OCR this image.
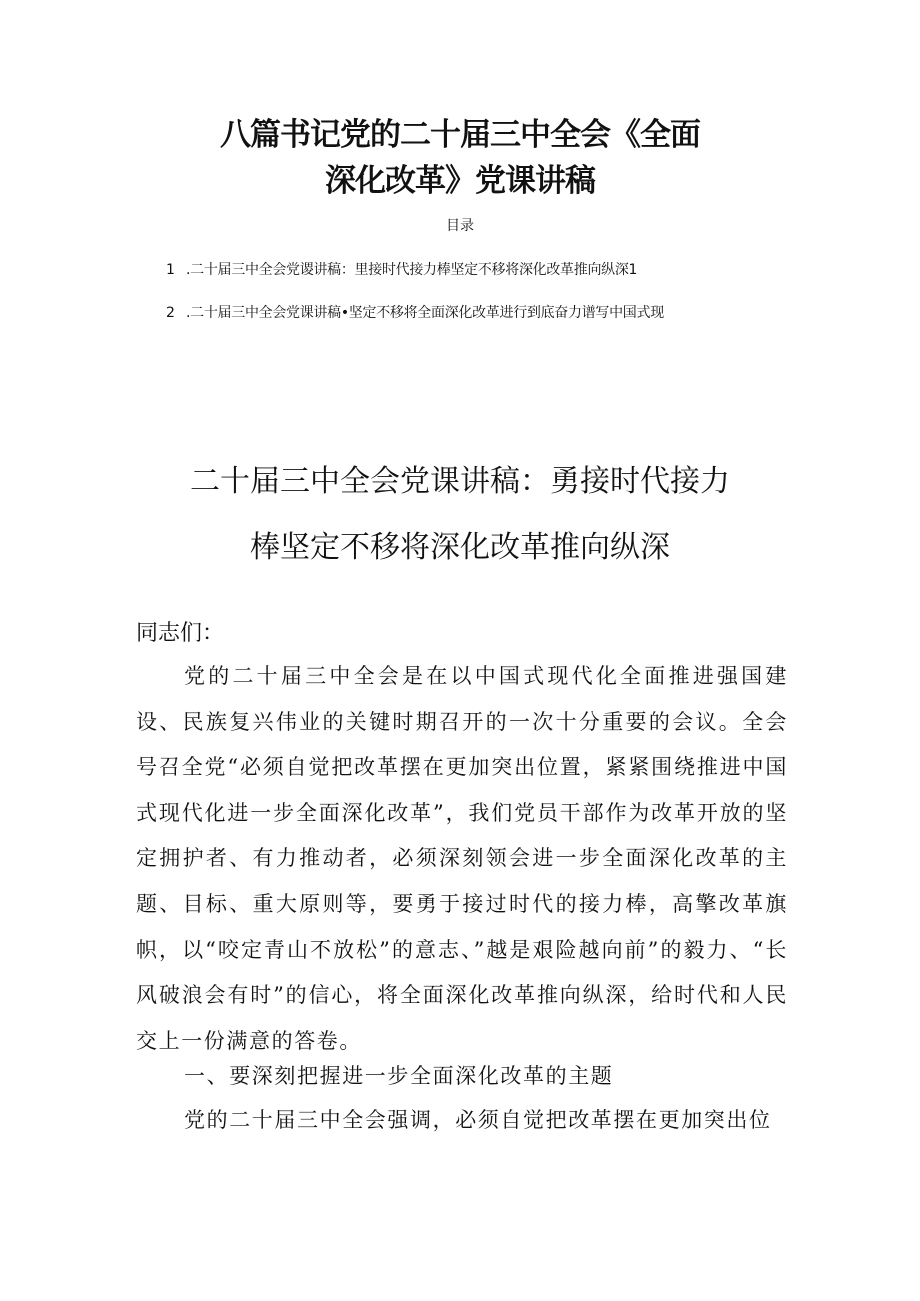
八篇书记党的二十届三中全会《全面
深化改革》党课讲稿
目录
1 .二十届三中全会党谡讲稿：里接时代接力棒坚定不移将深化改革推向纵深1
2 .二十届三中全会党课讲稿•坚定不移将全面深化改革进行到底奋力谱写中国式现
二十届三中全会党课讲稿：勇接时代接力
棒坚定不移将深化改革推向纵深
同志们：

党的二十届三中全会是在以中国式现代化全面推进强国建设、民族复兴伟业的关键时期召开的一次十分重要的会议。全会号召全党“必须自觉把改革摆在更加突出位置，紧紧围绕推进中国式现代化进一步全面深化改革”，我们党员干部作为改革开放的坚定拥护者、有力推动者，必须深刻领会进一步全面深化改革的主题、目标、重大原则等，要勇于接过时代的接力棒，高擎改革旗帜，以“咬定青山不放松”的意志、”越是艰险越向前”的毅力、“长风破浪会有时”的信心，将全面深化改革推向纵深，给时代和人民交上一份满意的答卷。

一、要深刻把握进一步全面深化改革的主题

党的二十届三中全会强调，必须自觉把改革摆在更加突出位
